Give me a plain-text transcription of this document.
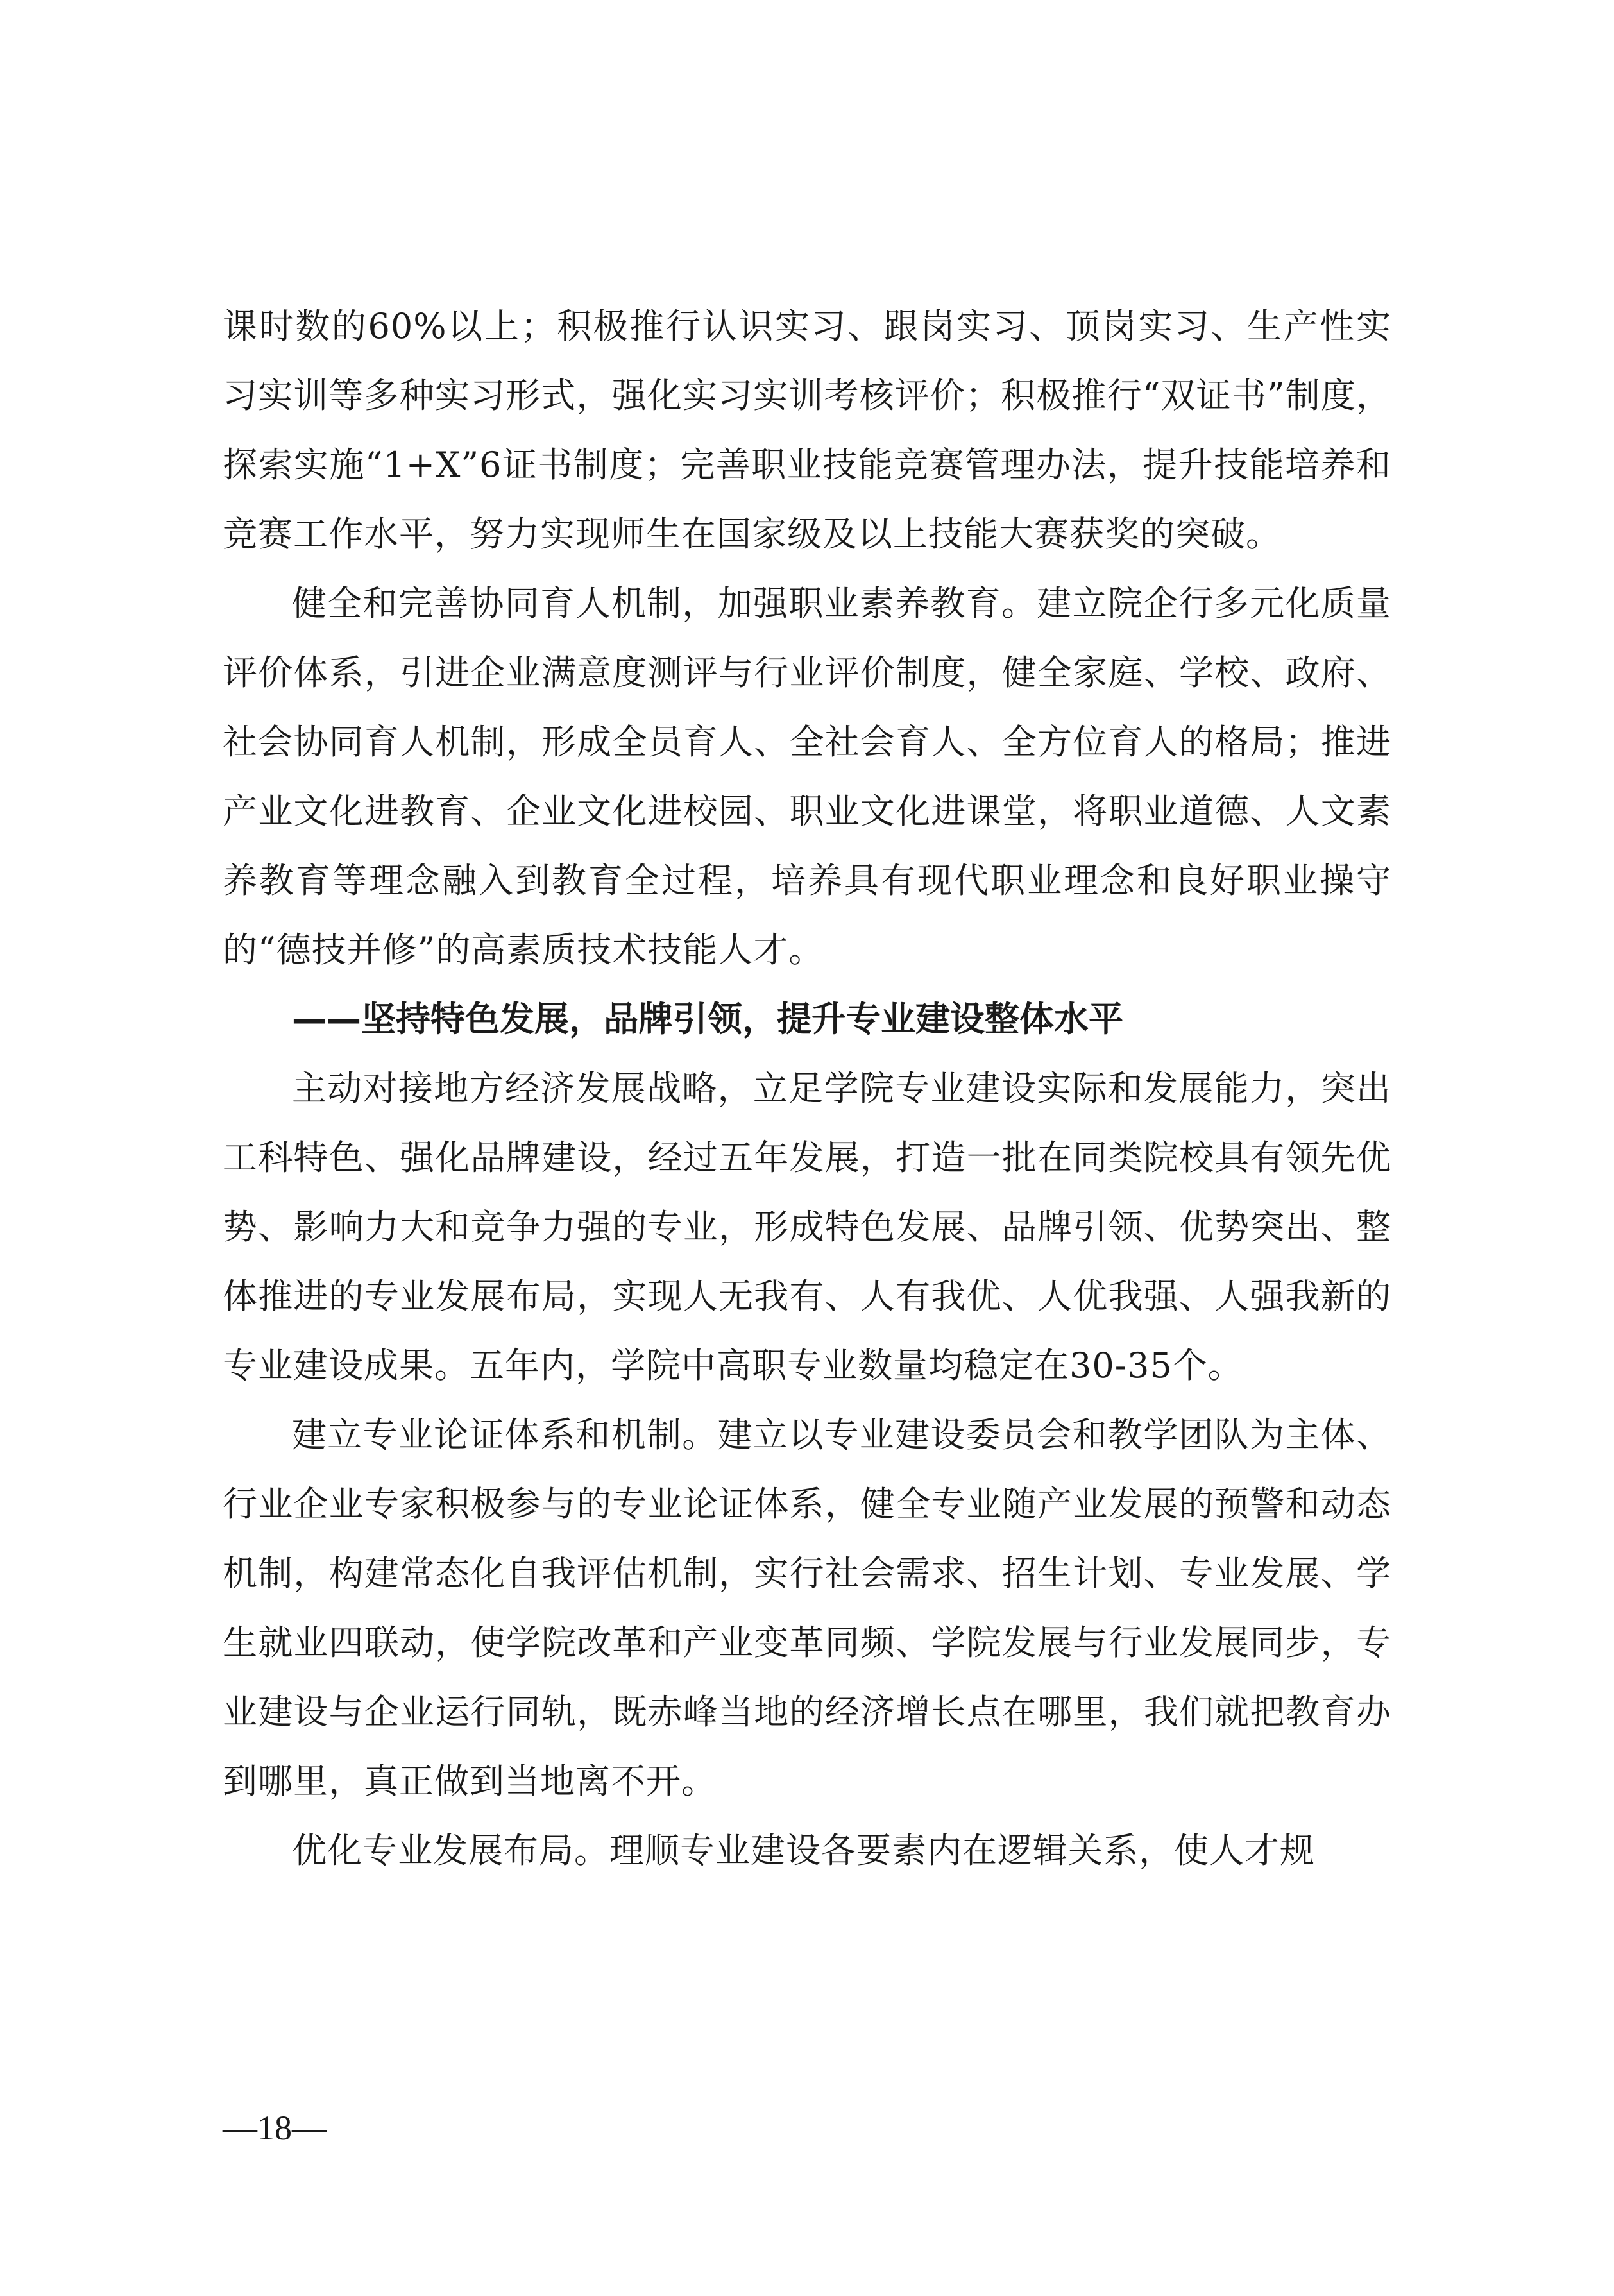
课时数的60%以上；积极推行认识实习、跟岗实习、顶岗实习、生产性实习实训等多种实习形式，强化实习实训考核评价；积极推行“双证书”制度，探索实施“1+X”6证书制度；完善职业技能竞赛管理办法，提升技能培养和竞赛工作水平，努力实现师生在国家级及以上技能大赛获奖的突破。

健全和完善协同育人机制，加强职业素养教育。建立院企行多元化质量评价体系，引进企业满意度测评与行业评价制度，健全家庭、学校、政府、社会协同育人机制，形成全员育人、全社会育人、全方位育人的格局；推进产业文化进教育、企业文化进校园、职业文化进课堂，将职业道德、人文素养教育等理念融入到教育全过程，培养具有现代职业理念和良好职业操守的“德技并修”的高素质技术技能人才。

——坚持特色发展，品牌引领，提升专业建设整体水平

主动对接地方经济发展战略，立足学院专业建设实际和发展能力，突出工科特色、强化品牌建设，经过五年发展，打造一批在同类院校具有领先优势、影响力大和竞争力强的专业，形成特色发展、品牌引领、优势突出、整体推进的专业发展布局，实现人无我有、人有我优、人优我强、人强我新的专业建设成果。五年内，学院中高职专业数量均稳定在30-35个。

建立专业论证体系和机制。建立以专业建设委员会和教学团队为主体、行业企业专家积极参与的专业论证体系，健全专业随产业发展的预警和动态机制，构建常态化自我评估机制，实行社会需求、招生计划、专业发展、学生就业四联动，使学院改革和产业变革同频、学院发展与行业发展同步，专业建设与企业运行同轨，既赤峰当地的经济增长点在哪里，我们就把教育办到哪里，真正做到当地离不开。

优化专业发展布局。理顺专业建设各要素内在逻辑关系，使人才规

—18—
